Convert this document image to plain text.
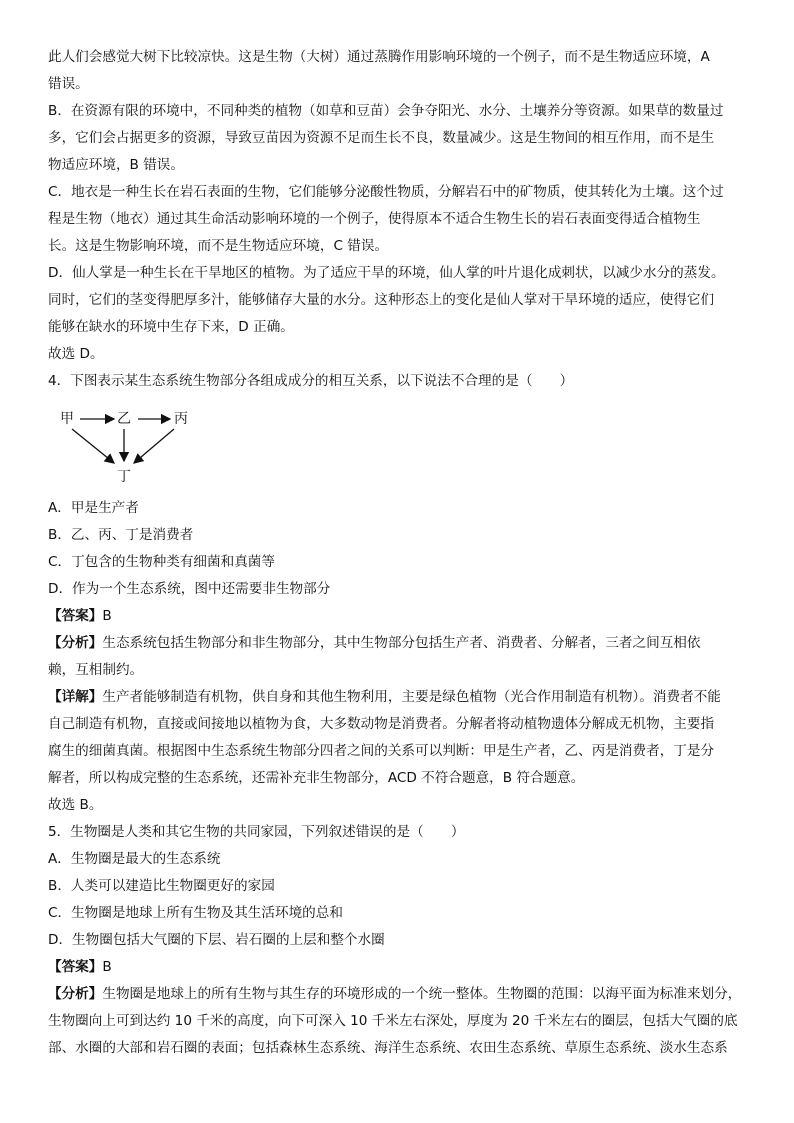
此人们会感觉大树下比较凉快。这是生物（大树）通过蒸腾作用影响环境的一个例子，而不是生物适应环境，A

错误。

B．在资源有限的环境中，不同种类的植物（如草和豆苗）会争夺阳光、水分、土壤养分等资源。如果草的数量过

多，它们会占据更多的资源，导致豆苗因为资源不足而生长不良，数量减少。这是生物间的相互作用，而不是生

物适应环境，B 错误。

C．地衣是一种生长在岩石表面的生物，它们能够分泌酸性物质，分解岩石中的矿物质，使其转化为土壤。这个过

程是生物（地衣）通过其生命活动影响环境的一个例子，使得原本不适合生物生长的岩石表面变得适合植物生

长。这是生物影响环境，而不是生物适应环境，C 错误。

D．仙人掌是一种生长在干旱地区的植物。为了适应干旱的环境，仙人掌的叶片退化成刺状，以减少水分的蒸发。

同时，它们的茎变得肥厚多汁，能够储存大量的水分。这种形态上的变化是仙人掌对干旱环境的适应，使得它们

能够在缺水的环境中生存下来，D 正确。

故选 D。

4．下图表示某生态系统生物部分各组成成分的相互关系，以下说法不合理的是（　　）

甲	乙	丙
丁

A．甲是生产者

B．乙、丙、丁是消费者

C．丁包含的生物种类有细菌和真菌等

D．作为一个生态系统，图中还需要非生物部分

【答案】B

【分析】生态系统包括生物部分和非生物部分，其中生物部分包括生产者、消费者、分解者，三者之间互相依

赖，互相制约。

【详解】生产者能够制造有机物，供自身和其他生物利用，主要是绿色植物（光合作用制造有机物）。消费者不能

自己制造有机物，直接或间接地以植物为食，大多数动物是消费者。分解者将动植物遗体分解成无机物，主要指

腐生的细菌真菌。根据图中生态系统生物部分四者之间的关系可以判断：甲是生产者，乙、丙是消费者，丁是分

解者，所以构成完整的生态系统，还需补充非生物部分，ACD 不符合题意，B 符合题意。

故选 B。

5．生物圈是人类和其它生物的共同家园，下列叙述错误的是（　　）

A．生物圈是最大的生态系统

B．人类可以建造比生物圈更好的家园

C．生物圈是地球上所有生物及其生活环境的总和

D．生物圈包括大气圈的下层、岩石圈的上层和整个水圈

【答案】B

【分析】生物圈是地球上的所有生物与其生存的环境形成的一个统一整体。生物圈的范围：以海平面为标准来划分，

生物圈向上可到达约 10 千米的高度，向下可深入 10 千米左右深处，厚度为 20 千米左右的圈层，包括大气圈的底

部、水圈的大部和岩石圈的表面；包括森林生态系统、海洋生态系统、农田生态系统、草原生态系统、淡水生态系
